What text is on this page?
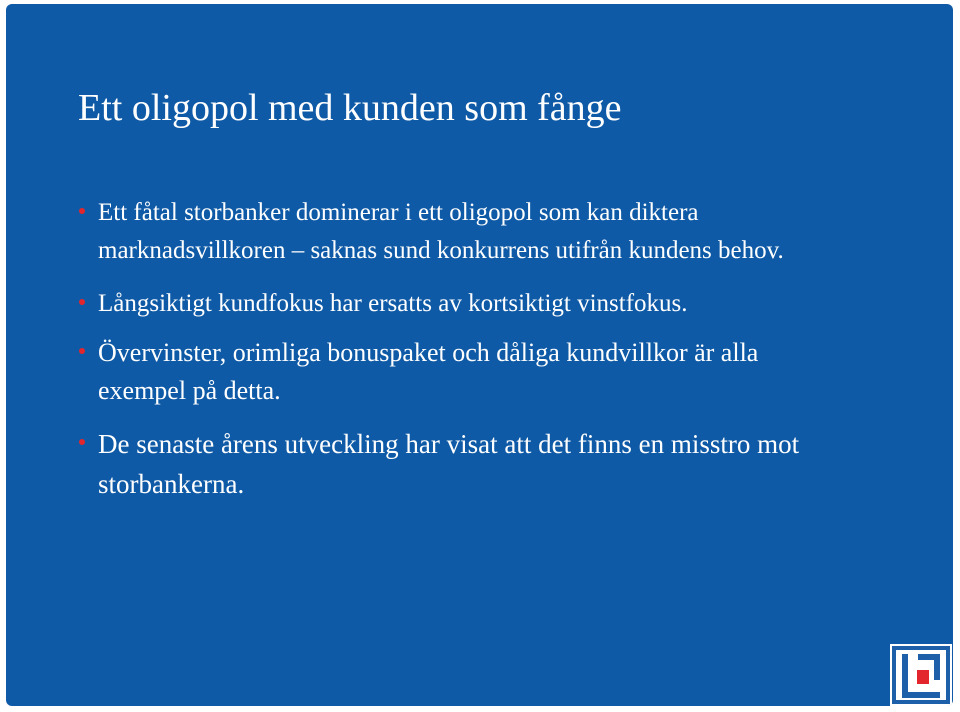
Ett oligopol med kunden som fånge
Ett fåtal storbanker dominerar i ett oligopol som kan diktera marknadsvillkoren – saknas sund konkurrens utifrån kundens behov.
Långsiktigt kundfokus har ersatts av kortsiktigt vinstfokus.
Övervinster, orimliga bonuspaket och dåliga kundvillkor är alla exempel på detta.
De senaste årens utveckling har visat att det finns en misstro mot storbankerna.
